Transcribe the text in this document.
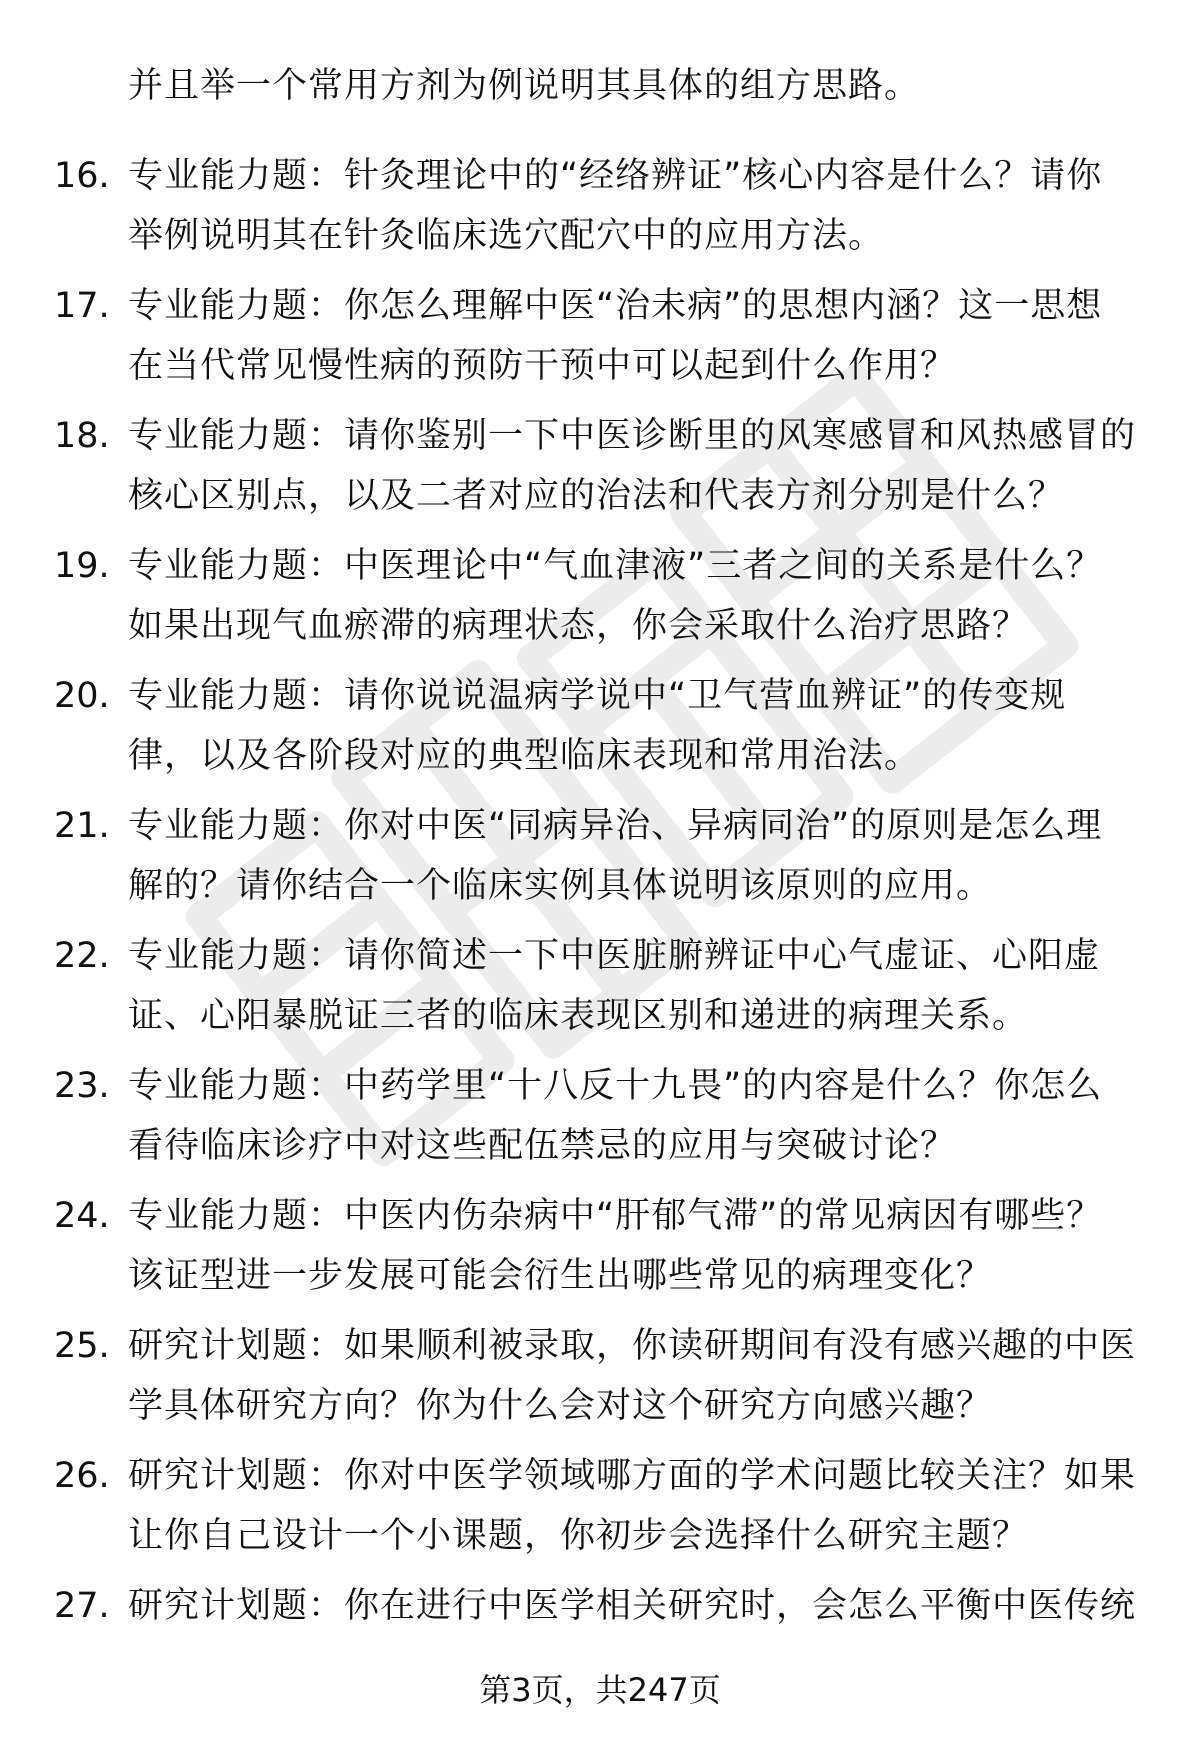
并且举一个常用方剂为例说明其具体的组方思路。
16. 专业能力题：针灸理论中的“经络辨证”核心内容是什么？请你
举例说明其在针灸临床选穴配穴中的应用方法。
17. 专业能力题：你怎么理解中医“治未病”的思想内涵？这一思想
在当代常见慢性病的预防干预中可以起到什么作用？
18. 专业能力题：请你鉴别一下中医诊断里的风寒感冒和风热感冒的
核心区别点，以及二者对应的治法和代表方剂分别是什么？
19. 专业能力题：中医理论中“气血津液”三者之间的关系是什么？
如果出现气血瘀滞的病理状态，你会采取什么治疗思路？
20. 专业能力题：请你说说温病学说中“卫气营血辨证”的传变规
律，以及各阶段对应的典型临床表现和常用治法。
21. 专业能力题：你对中医“同病异治、异病同治”的原则是怎么理
解的？请你结合一个临床实例具体说明该原则的应用。
22. 专业能力题：请你简述一下中医脏腑辨证中心气虚证、心阳虚
证、心阳暴脱证三者的临床表现区别和递进的病理关系。
23. 专业能力题：中药学里“十八反十九畏”的内容是什么？你怎么
看待临床诊疗中对这些配伍禁忌的应用与突破讨论？
24. 专业能力题：中医内伤杂病中“肝郁气滞”的常见病因有哪些？
该证型进一步发展可能会衍生出哪些常见的病理变化？
25. 研究计划题：如果顺利被录取，你读研期间有没有感兴趣的中医
学具体研究方向？你为什么会对这个研究方向感兴趣？
26. 研究计划题：你对中医学领域哪方面的学术问题比较关注？如果
让你自己设计一个小课题，你初步会选择什么研究主题？
27. 研究计划题：你在进行中医学相关研究时，会怎么平衡中医传统
第3页，共247页
